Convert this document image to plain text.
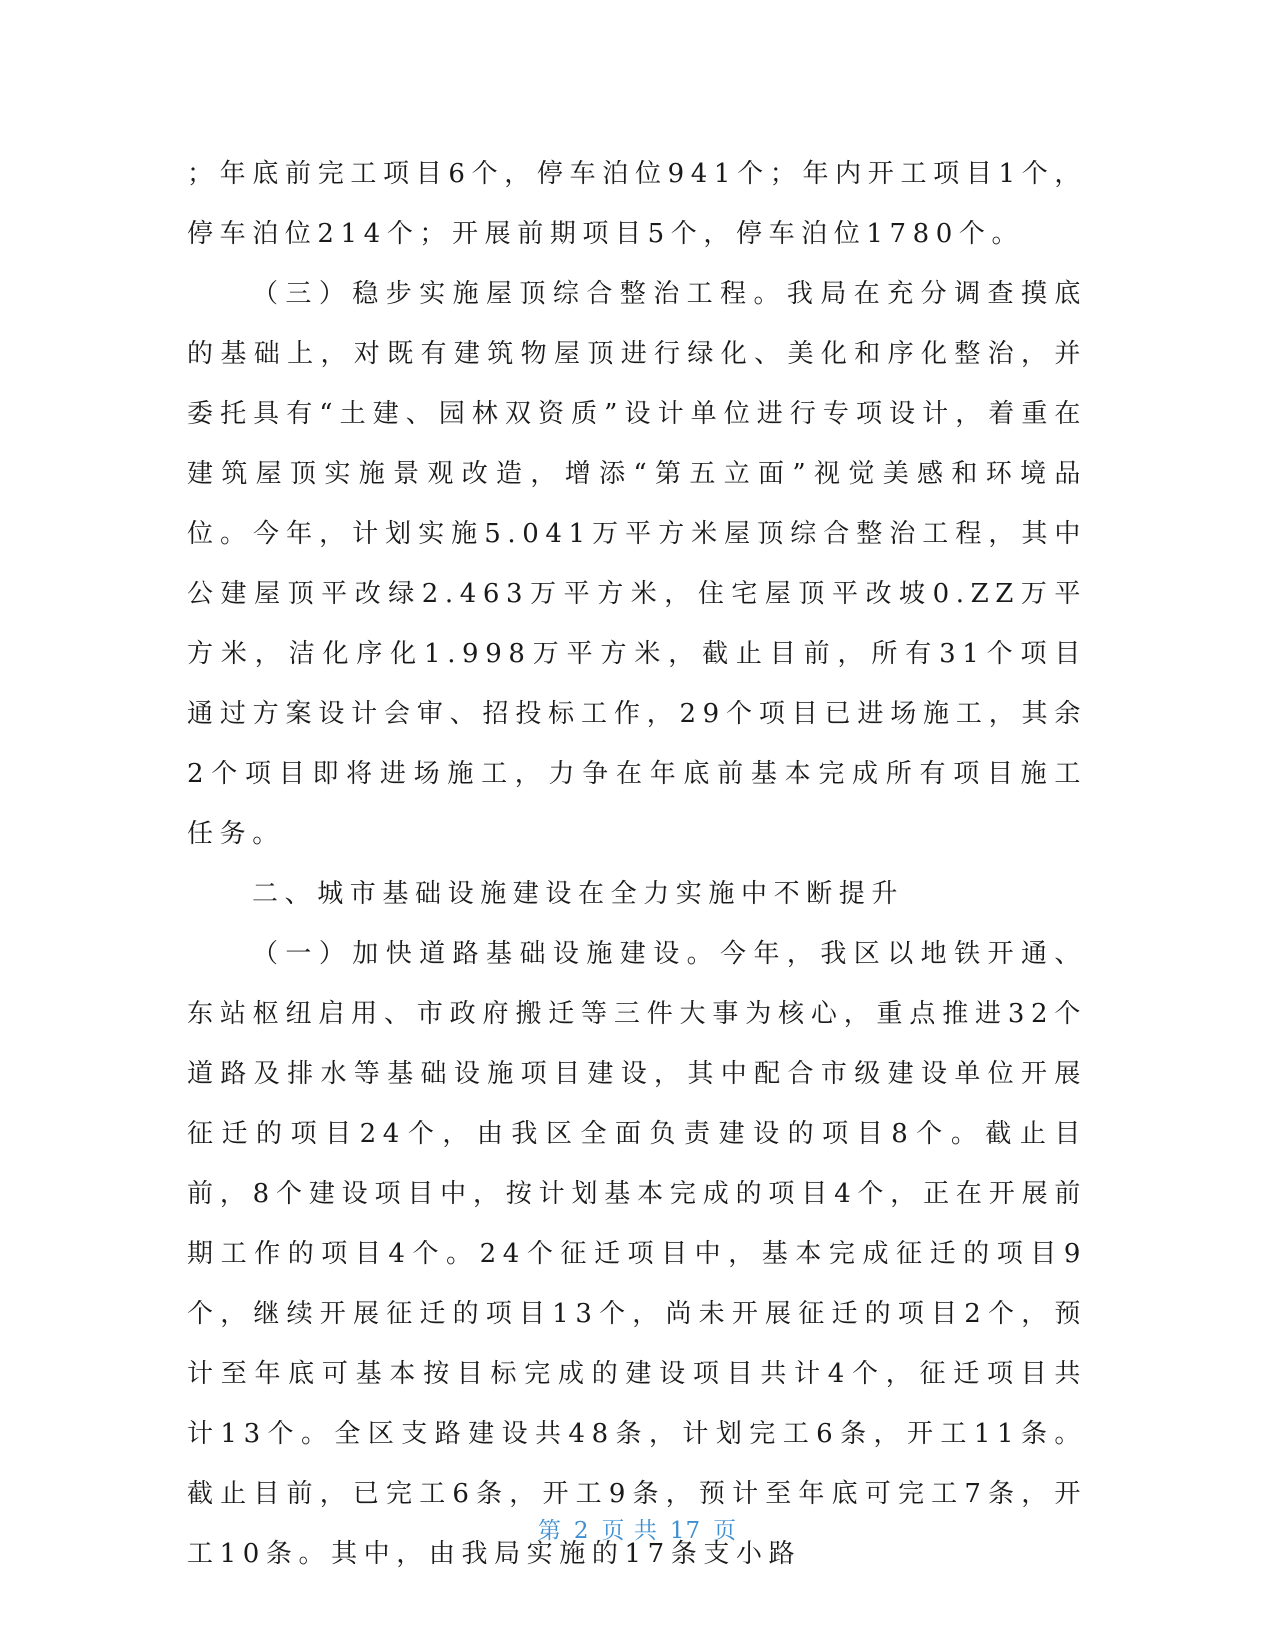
；年底前完工项目6个，停车泊位941个；年内开工项目1个，停车泊位214个；开展前期项目5个，停车泊位1780个。

（三）稳步实施屋顶综合整治工程。我局在充分调查摸底的基础上，对既有建筑物屋顶进行绿化、美化和序化整治，并委托具有“土建、园林双资质”设计单位进行专项设计，着重在建筑屋顶实施景观改造，增添“第五立面”视觉美感和环境品位。今年，计划实施5.041万平方米屋顶综合整治工程，其中公建屋顶平改绿2.463万平方米，住宅屋顶平改坡0.ZZ万平方米，洁化序化1.998万平方米，截止目前，所有31个项目通过方案设计会审、招投标工作，29个项目已进场施工，其余2个项目即将进场施工，力争在年底前基本完成所有项目施工任务。

二、城市基础设施建设在全力实施中不断提升

（一）加快道路基础设施建设。今年，我区以地铁开通、东站枢纽启用、市政府搬迁等三件大事为核心，重点推进32个道路及排水等基础设施项目建设，其中配合市级建设单位开展征迁的项目24个，由我区全面负责建设的项目8个。截止目前，8个建设项目中，按计划基本完成的项目4个，正在开展前期工作的项目4个。24个征迁项目中，基本完成征迁的项目9个，继续开展征迁的项目13个，尚未开展征迁的项目2个，预计至年底可基本按目标完成的建设项目共计4个，征迁项目共计13个。全区支路建设共48条，计划完工6条，开工11条。截止目前，已完工6条，开工9条，预计至年底可完工7条，开工10条。其中，由我局实施的17条支小路

第 2 页 共 17 页
